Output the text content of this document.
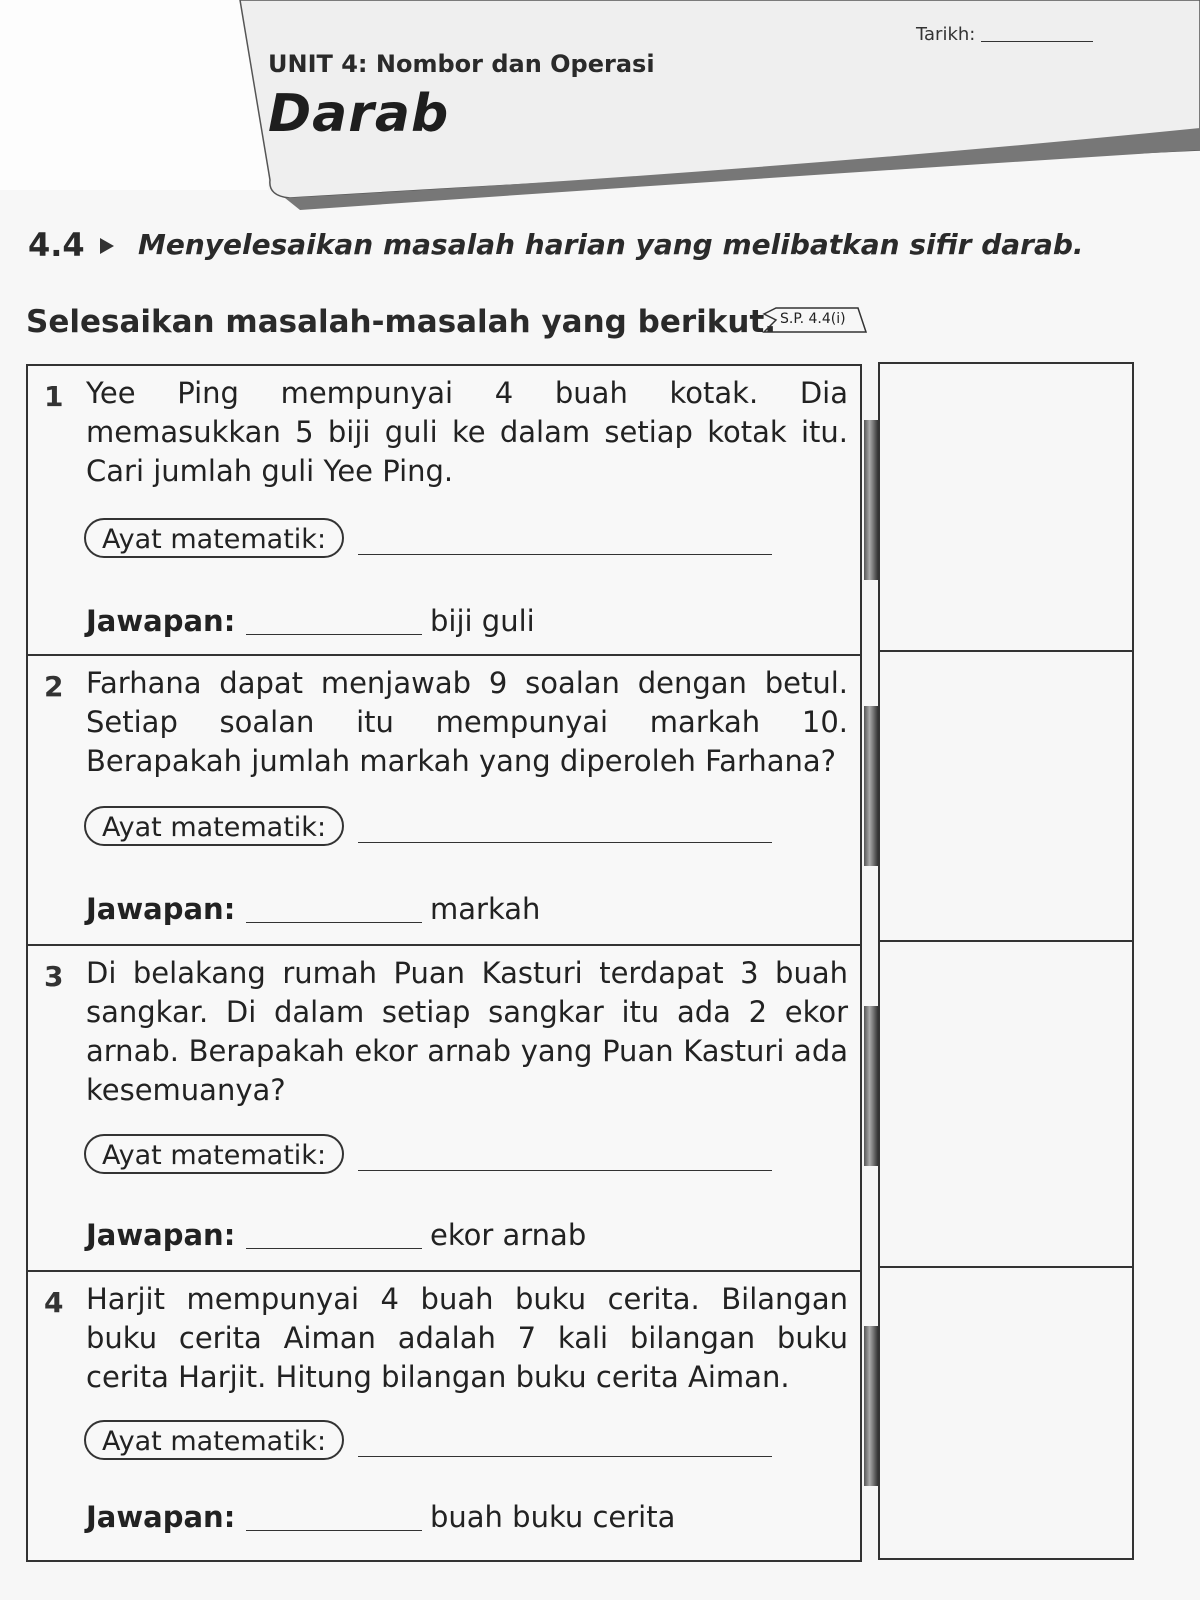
Tarikh:
UNIT 4: Nombor dan Operasi
Darab
4.4 Menyelesaikan masalah harian yang melibatkan sifir darab.
Selesaikan masalah-masalah yang berikut. S.P. 4.4(i)
1 Yee Ping mempunyai 4 buah kotak. Dia memasukkan 5 biji guli ke dalam setiap kotak itu. Cari jumlah guli Yee Ping.
Ayat matematik:
Jawapan:	biji guli
2 Farhana dapat menjawab 9 soalan dengan betul. Setiap soalan itu mempunyai markah 10. Berapakah jumlah markah yang diperoleh Farhana?
Ayat matematik:
Jawapan:	markah
3 Di belakang rumah Puan Kasturi terdapat 3 buah sangkar. Di dalam setiap sangkar itu ada 2 ekor arnab. Berapakah ekor arnab yang Puan Kasturi ada kesemuanya?
Ayat matematik:
Jawapan:	ekor arnab
4 Harjit mempunyai 4 buah buku cerita. Bilangan buku cerita Aiman adalah 7 kali bilangan buku cerita Harjit. Hitung bilangan buku cerita Aiman.
Ayat matematik:
Jawapan:	buah buku cerita
